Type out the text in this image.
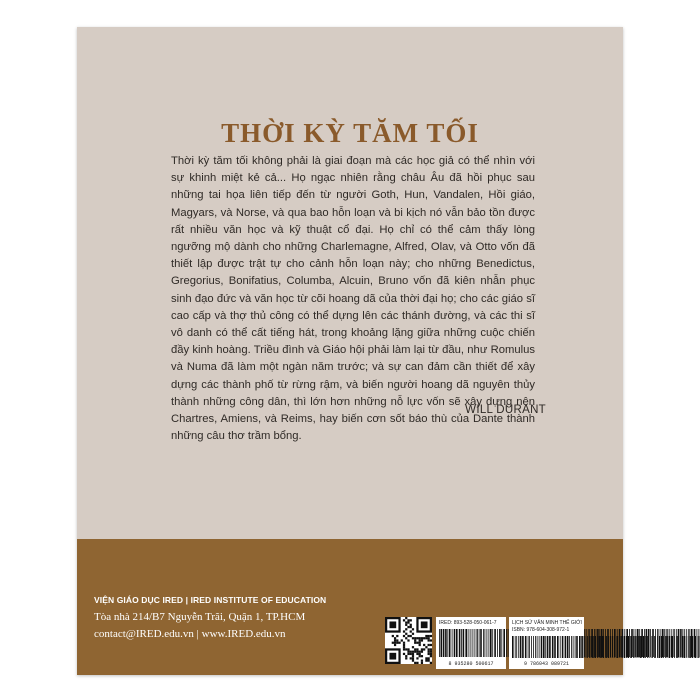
THỜI KỲ TĂM TỐI

Thời kỳ tăm tối không phải là giai đoạn mà các học giả có thể nhìn với sự khinh miệt kẻ cả... Họ ngạc nhiên rằng châu Âu đã hồi phục sau những tai họa liên tiếp đến từ người Goth, Hun, Vandalen, Hồi giáo, Magyars, và Norse, và qua bao hỗn loạn và bi kịch nó vẫn bảo tồn được rất nhiều văn học và kỹ thuật cổ đại. Họ chỉ có thể cảm thấy lòng ngưỡng mộ dành cho những Charlemagne, Alfred, Olav, và Otto vốn đã thiết lập được trật tự cho cảnh hỗn loạn này; cho những Benedictus, Gregorius, Bonifatius, Columba, Alcuin, Bruno vốn đã kiên nhẫn phục sinh đạo đức và văn học từ cõi hoang dã của thời đại họ; cho các giáo sĩ cao cấp và thợ thủ công có thể dựng lên các thánh đường, và các thi sĩ vô danh có thể cất tiếng hát, trong khoảng lặng giữa những cuộc chiến đầy kinh hoàng. Triều đình và Giáo hội phải làm lại từ đầu, như Romulus và Numa đã làm một ngàn năm trước; và sự can đảm cần thiết để xây dựng các thành phố từ rừng rậm, và biến người hoang dã nguyên thủy thành những công dân, thì lớn hơn những nỗ lực vốn sẽ xây dựng nên Chartres, Amiens, và Reims, hay biến cơn sốt báo thù của Dante thành những câu thơ trầm bổng.

WILL DURANT
VIỆN GIÁO DỤC IRED | IRED INSTITUTE OF EDUCATION
Tòa nhà 214/B7 Nguyễn Trãi, Quận 1, TP.HCM
contact@IRED.edu.vn | www.IRED.edu.vn
IRED: 893-528-050-061-7
8 935280 500617
LỊCH SỬ VĂN MINH THẾ GIỚI
ISBN: 978-604-308-972-1
9 786043 089721
